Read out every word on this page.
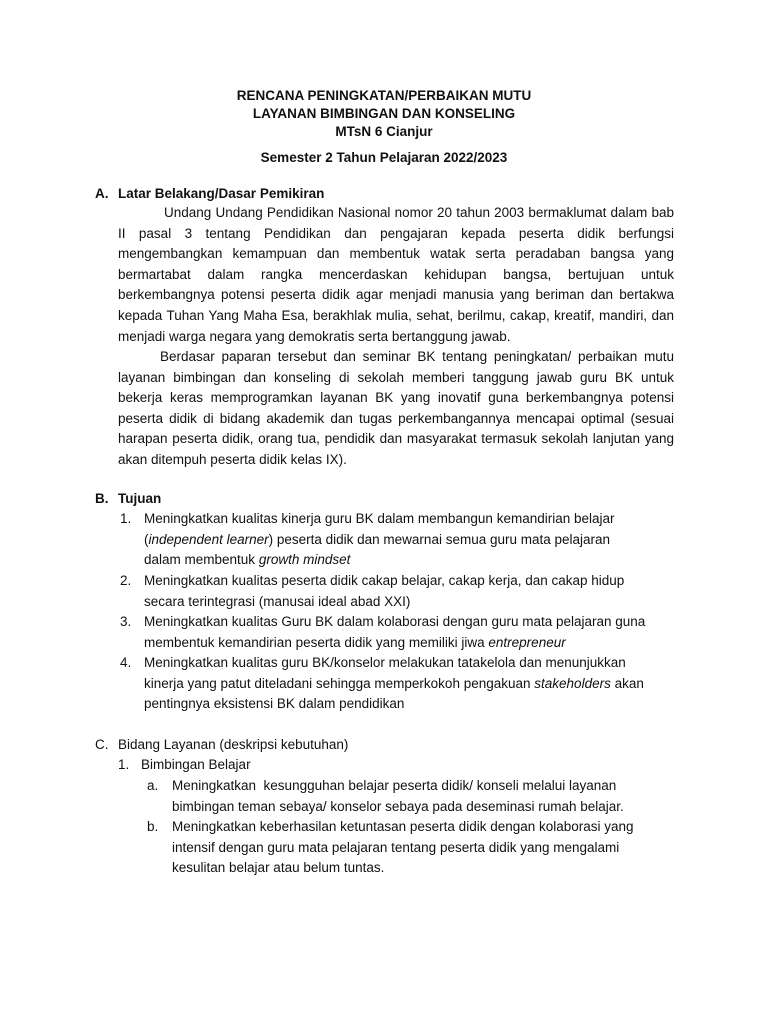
RENCANA PENINGKATAN/PERBAIKAN MUTU
LAYANAN BIMBINGAN DAN KONSELING
MTsN 6 Cianjur
Semester 2 Tahun Pelajaran 2022/2023
A. Latar Belakang/Dasar Pemikiran
Undang Undang Pendidikan Nasional nomor 20 tahun 2003 bermaklumat dalam bab II pasal 3 tentang Pendidikan dan pengajaran kepada peserta didik berfungsi mengembangkan kemampuan dan membentuk watak serta peradaban bangsa yang bermartabat dalam rangka mencerdaskan kehidupan bangsa, bertujuan untuk berkembangnya potensi peserta didik agar menjadi manusia yang beriman dan bertakwa kepada Tuhan Yang Maha Esa, berakhlak mulia, sehat, berilmu, cakap, kreatif, mandiri, dan menjadi warga negara yang demokratis serta bertanggung jawab.
Berdasar paparan tersebut dan seminar BK tentang peningkatan/ perbaikan mutu layanan bimbingan dan konseling di sekolah memberi tanggung jawab guru BK untuk bekerja keras memprogramkan layanan BK yang inovatif guna berkembangnya potensi peserta didik di bidang akademik dan tugas perkembangannya mencapai optimal (sesuai harapan peserta didik, orang tua, pendidik dan masyarakat termasuk sekolah lanjutan yang akan ditempuh peserta didik kelas IX).
B. Tujuan
1. Meningkatkan kualitas kinerja guru BK dalam membangun kemandirian belajar
(independent learner) peserta didik dan mewarnai semua guru mata pelajaran
dalam membentuk growth mindset
2. Meningkatkan kualitas peserta didik cakap belajar, cakap kerja, dan cakap hidup
secara terintegrasi (manusai ideal abad XXI)
3. Meningkatkan kualitas Guru BK dalam kolaborasi dengan guru mata pelajaran guna
membentuk kemandirian peserta didik yang memiliki jiwa entrepreneur
4. Meningkatkan kualitas guru BK/konselor melakukan tatakelola dan menunjukkan
kinerja yang patut diteladani sehingga memperkokoh pengakuan stakeholders akan
pentingnya eksistensi BK dalam pendidikan
C. Bidang Layanan (deskripsi kebutuhan)
1. Bimbingan Belajar
a. Meningkatkan  kesungguhan belajar peserta didik/ konseli melalui layanan
bimbingan teman sebaya/ konselor sebaya pada deseminasi rumah belajar.
b. Meningkatkan keberhasilan ketuntasan peserta didik dengan kolaborasi yang
intensif dengan guru mata pelajaran tentang peserta didik yang mengalami
kesulitan belajar atau belum tuntas.
